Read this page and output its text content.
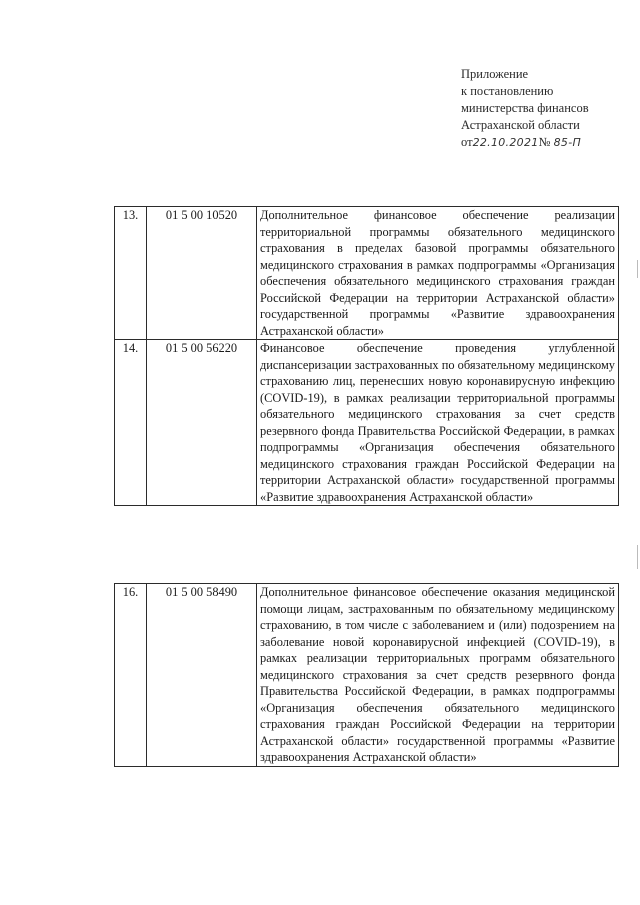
Приложение
к постановлению
министерства финансов
Астраханской области
от22.10.2021№ 85-П
13.	01 5 00 10520	Дополнительное финансовое обеспечение реализации территориальной программы обязательного медицинского страхования в пределах базовой программы обязательного медицинского страхования в рамках подпрограммы «Организация обеспечения обязательного медицинского страхования граждан Российской Федерации на территории Астраханской области» государственной программы «Развитие здравоохранения Астраханской области»
14.	01 5 00 56220	Финансовое обеспечение проведения углубленной диспансеризации застрахованных по обязательному медицинскому страхованию лиц, перенесших новую коронавирусную инфекцию (COVID-19), в рамках реализации территориальной программы обязательного медицинского страхования за счет средств резервного фонда Правительства Российской Федерации, в рамках подпрограммы «Организация обеспечения обязательного медицинского страхования граждан Российской Федерации на территории Астраханской области» государственной программы «Развитие здравоохранения Астраханской области»
16.	01 5 00 58490	Дополнительное финансовое обеспечение оказания медицинской помощи лицам, застрахованным по обязательному медицинскому страхованию, в том числе с заболеванием и (или) подозрением на заболевание новой коронавирусной инфекцией (COVID-19), в рамках реализации территориальных программ обязательного медицинского страхования за счет средств резервного фонда Правительства Российской Федерации, в рамках подпрограммы «Организация обеспечения обязательного медицинского страхования граждан Российской Федерации на территории Астраханской области» государственной программы «Развитие здравоохранения Астраханской области»
